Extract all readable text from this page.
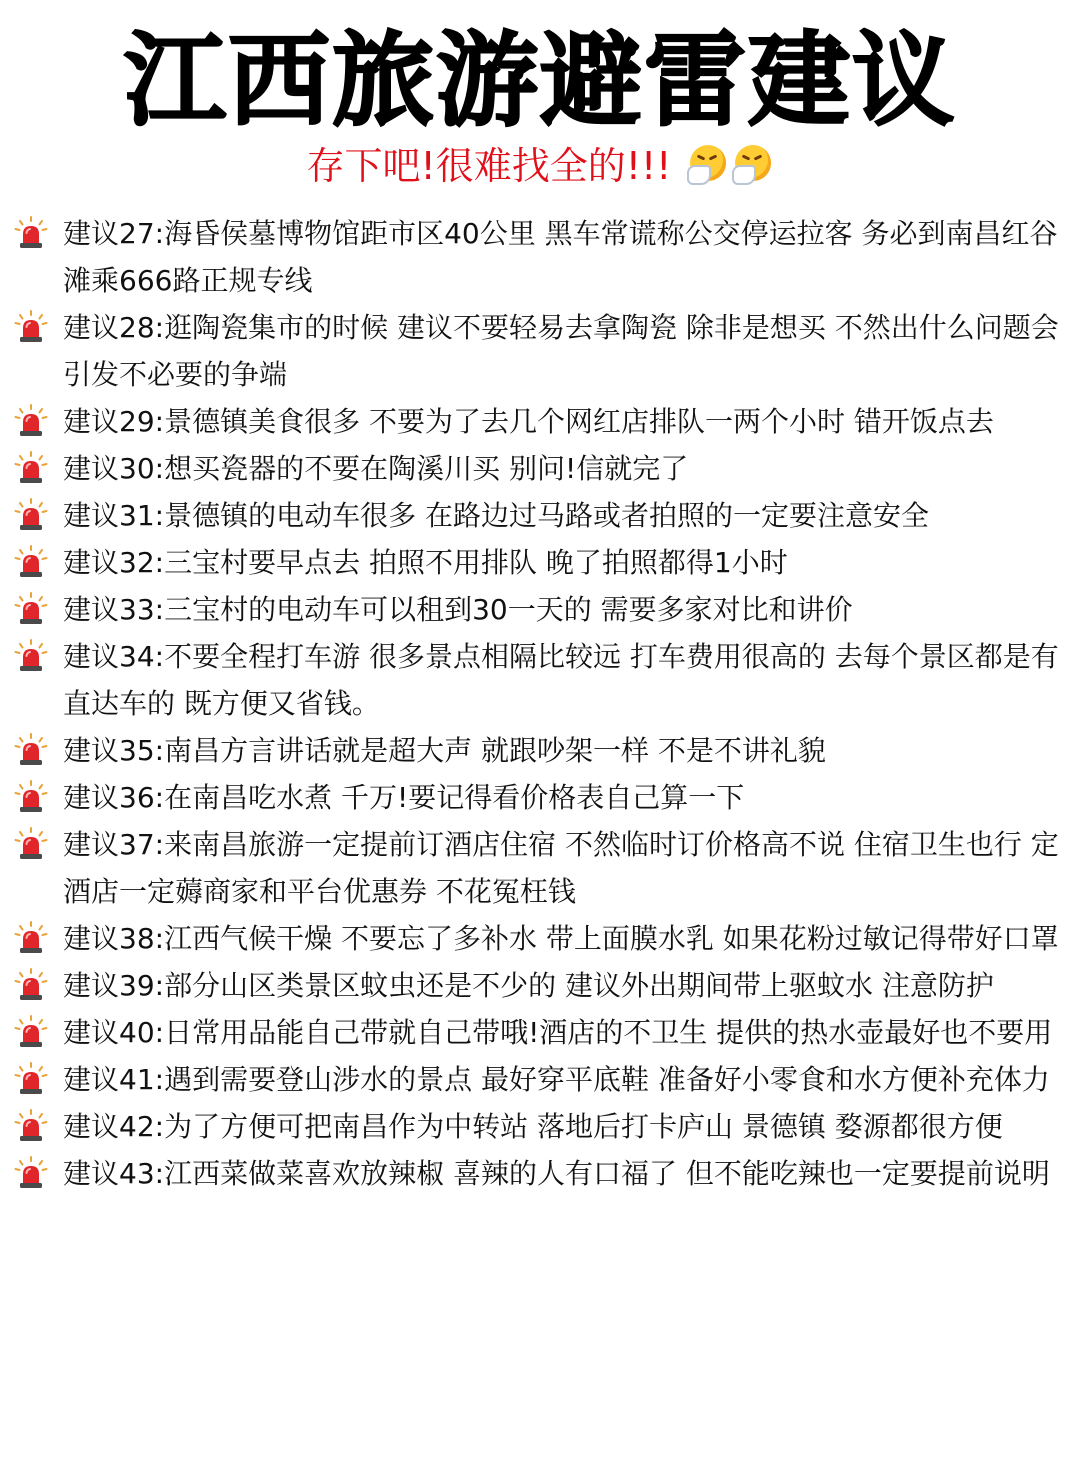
江西旅游避雷建议
存下吧!很难找全的!!!
建议27:海昏侯墓博物馆距市区40公里 黑车常谎称公交停运拉客 务必到南昌红谷滩乘666路正规专线
建议28:逛陶瓷集市的时候 建议不要轻易去拿陶瓷 除非是想买 不然出什么问题会引发不必要的争端
建议29:景德镇美食很多 不要为了去几个网红店排队一两个小时 错开饭点去
建议30:想买瓷器的不要在陶溪川买 别问!信就完了
建议31:景德镇的电动车很多 在路边过马路或者拍照的一定要注意安全
建议32:三宝村要早点去 拍照不用排队 晚了拍照都得1小时
建议33:三宝村的电动车可以租到30一天的 需要多家对比和讲价
建议34:不要全程打车游 很多景点相隔比较远 打车费用很高的 去每个景区都是有直达车的 既方便又省钱。
建议35:南昌方言讲话就是超大声 就跟吵架一样 不是不讲礼貌
建议36:在南昌吃水煮 千万!要记得看价格表自己算一下
建议37:来南昌旅游一定提前订酒店住宿 不然临时订价格高不说 住宿卫生也行 定酒店一定薅商家和平台优惠券 不花冤枉钱
建议38:江西气候干燥 不要忘了多补水 带上面膜水乳 如果花粉过敏记得带好口罩
建议39:部分山区类景区蚊虫还是不少的 建议外出期间带上驱蚊水 注意防护
建议40:日常用品能自己带就自己带哦!酒店的不卫生 提供的热水壶最好也不要用
建议41:遇到需要登山涉水的景点 最好穿平底鞋 准备好小零食和水方便补充体力
建议42:为了方便可把南昌作为中转站 落地后打卡庐山 景德镇 婺源都很方便
建议43:江西菜做菜喜欢放辣椒 喜辣的人有口福了 但不能吃辣也一定要提前说明
